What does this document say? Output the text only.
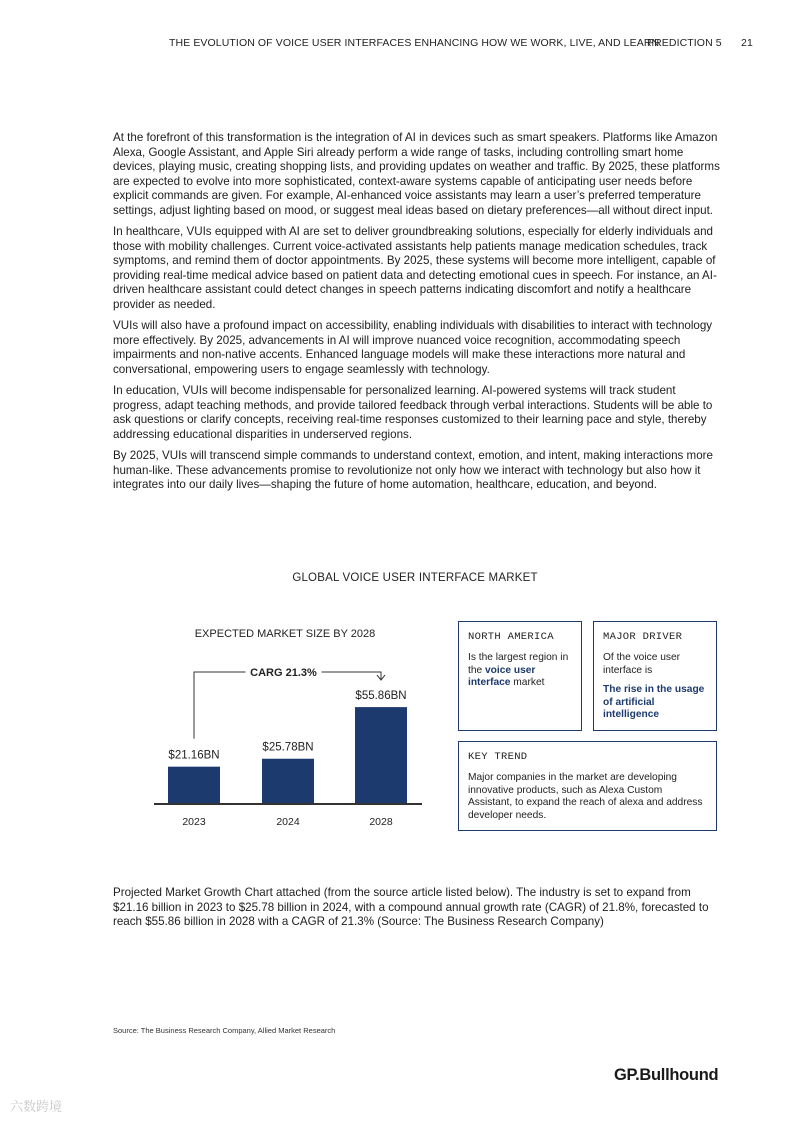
THE EVOLUTION OF VOICE USER INTERFACES ENHANCING HOW WE WORK, LIVE, AND LEARN
PREDICTION 5 21

At the forefront of this transformation is the integration of AI in devices such as smart speakers. Platforms like Amazon Alexa, Google Assistant, and Apple Siri already perform a wide range of tasks, including controlling smart home devices, playing music, creating shopping lists, and providing updates on weather and traffic. By 2025, these platforms are expected to evolve into more sophisticated, context-aware systems capable of anticipating user needs before explicit commands are given. For example, AI-enhanced voice assistants may learn a user’s preferred temperature settings, adjust lighting based on mood, or suggest meal ideas based on dietary preferences—all without direct input.

In healthcare, VUIs equipped with AI are set to deliver groundbreaking solutions, especially for elderly individuals and those with mobility challenges. Current voice-activated assistants help patients manage medication schedules, track symptoms, and remind them of doctor appointments. By 2025, these systems will become more intelligent, capable of providing real-time medical advice based on patient data and detecting emotional cues in speech. For instance, an AI-driven healthcare assistant could detect changes in speech patterns indicating discomfort and notify a healthcare provider as needed.

VUIs will also have a profound impact on accessibility, enabling individuals with disabilities to interact with technology more effectively. By 2025, advancements in AI will improve nuanced voice recognition, accommodating speech impairments and non-native accents. Enhanced language models will make these interactions more natural and conversational, empowering users to engage seamlessly with technology.

In education, VUIs will become indispensable for personalized learning. AI-powered systems will track student progress, adapt teaching methods, and provide tailored feedback through verbal interactions. Students will be able to ask questions or clarify concepts, receiving real-time responses customized to their learning pace and style, thereby addressing educational disparities in underserved regions.

By 2025, VUIs will transcend simple commands to understand context, emotion, and intent, making interactions more human-like. These advancements promise to revolutionize not only how we interact with technology but also how it integrates into our daily lives—shaping the future of home automation, healthcare, education, and beyond.

GLOBAL VOICE USER INTERFACE MARKET
EXPECTED MARKET SIZE BY 2028
CARG 21.3%
$21.16BN
2023
$25.78BN
2024
$55.86BN
2028
NORTH AMERICA
Is the largest region in the voice user interface market
MAJOR DRIVER
Of the voice user interface is
The rise in the usage of artificial intelligence
KEY TREND
Major companies in the market are developing innovative products, such as Alexa Custom Assistant, to expand the reach of alexa and address developer needs.
Projected Market Growth Chart attached (from the source article listed below). The industry is set to expand from $21.16 billion in 2023 to $25.78 billion in 2024, with a compound annual growth rate (CAGR) of 21.8%, forecasted to reach $55.86 billion in 2028 with a CAGR of 21.3% (Source: The Business Research Company)
Source: The Business Research Company, Allied Market Research
GP.Bullhound
六数跨境
